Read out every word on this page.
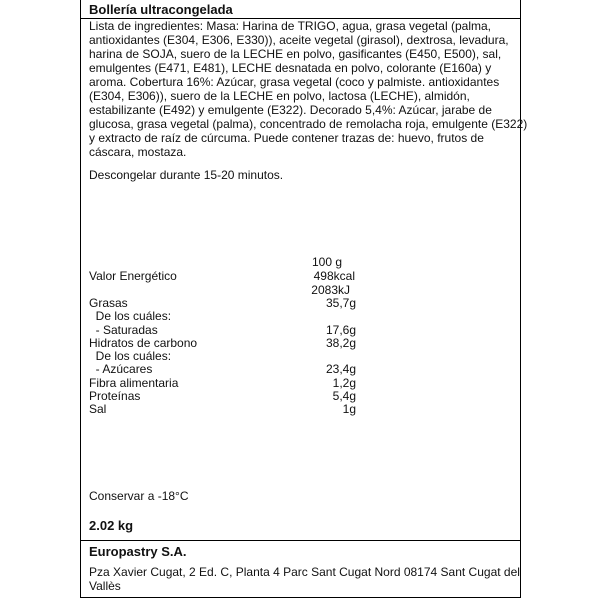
Bollería ultracongelada
Lista de ingredientes: Masa: Harina de TRIGO, agua, grasa vegetal (palma,
antioxidantes (E304, E306, E330)), aceite vegetal (girasol), dextrosa, levadura,
harina de SOJA, suero de la LECHE en polvo, gasificantes (E450, E500), sal,
emulgentes (E471, E481), LECHE desnatada en polvo, colorante (E160a) y
aroma. Cobertura 16%: Azúcar, grasa vegetal (coco y palmiste. antioxidantes
(E304, E306)), suero de la LECHE en polvo, lactosa (LECHE), almidón,
estabilizante (E492) y emulgente (E322). Decorado 5,4%: Azúcar, jarabe de
glucosa, grasa vegetal (palma), concentrado de remolacha roja, emulgente (E322)
y extracto de raíz de cúrcuma. Puede contener trazas de: huevo, frutos de
cáscara, mostaza.
Descongelar durante 15-20 minutos.
100 g
Valor Energético	498kcal
2083kJ
Grasas	35,7g
De los cuáles:
- Saturadas	17,6g
Hidratos de carbono	38,2g
De los cuáles:
- Azúcares	23,4g
Fibra alimentaria	1,2g
Proteínas	5,4g
Sal	1g
Conservar a -18°C
2.02 kg
Europastry S.A.
Pza Xavier Cugat, 2 Ed. C, Planta 4 Parc Sant Cugat Nord 08174 Sant Cugat del
Vallès
